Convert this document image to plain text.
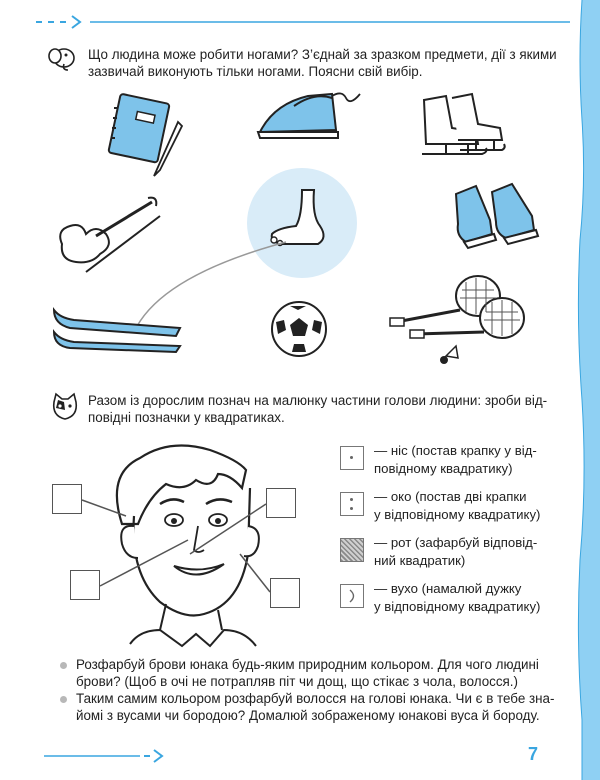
Що людина може робити ногами? З’єднай за зразком предмети, дії з якими
зазвичай виконують тільки ногами. Поясни свій вибір.
Разом із дорослим познач на малюнку частини голови людини: зроби від-
повідні позначки у квадратиках.
— ніс (постав крапку у від-
повідному квадратику)
— око (постав дві крапки
у відповідному квадратику)
— рот (зафарбуй відповід-
ний квадратик)
— вухо (намалюй дужку
у відповідному квадратику)
Розфарбуй брови юнака будь-яким природним кольором. Для чого людині
брови? (Щоб в очі не потрапляв піт чи дощ, що стікає з чола, волосся.)
Таким самим кольором розфарбуй волосся на голові юнака. Чи є в тебе зна-
йомі з вусами чи бородою? Домалюй зображеному юнакові вуса й бороду.
7
